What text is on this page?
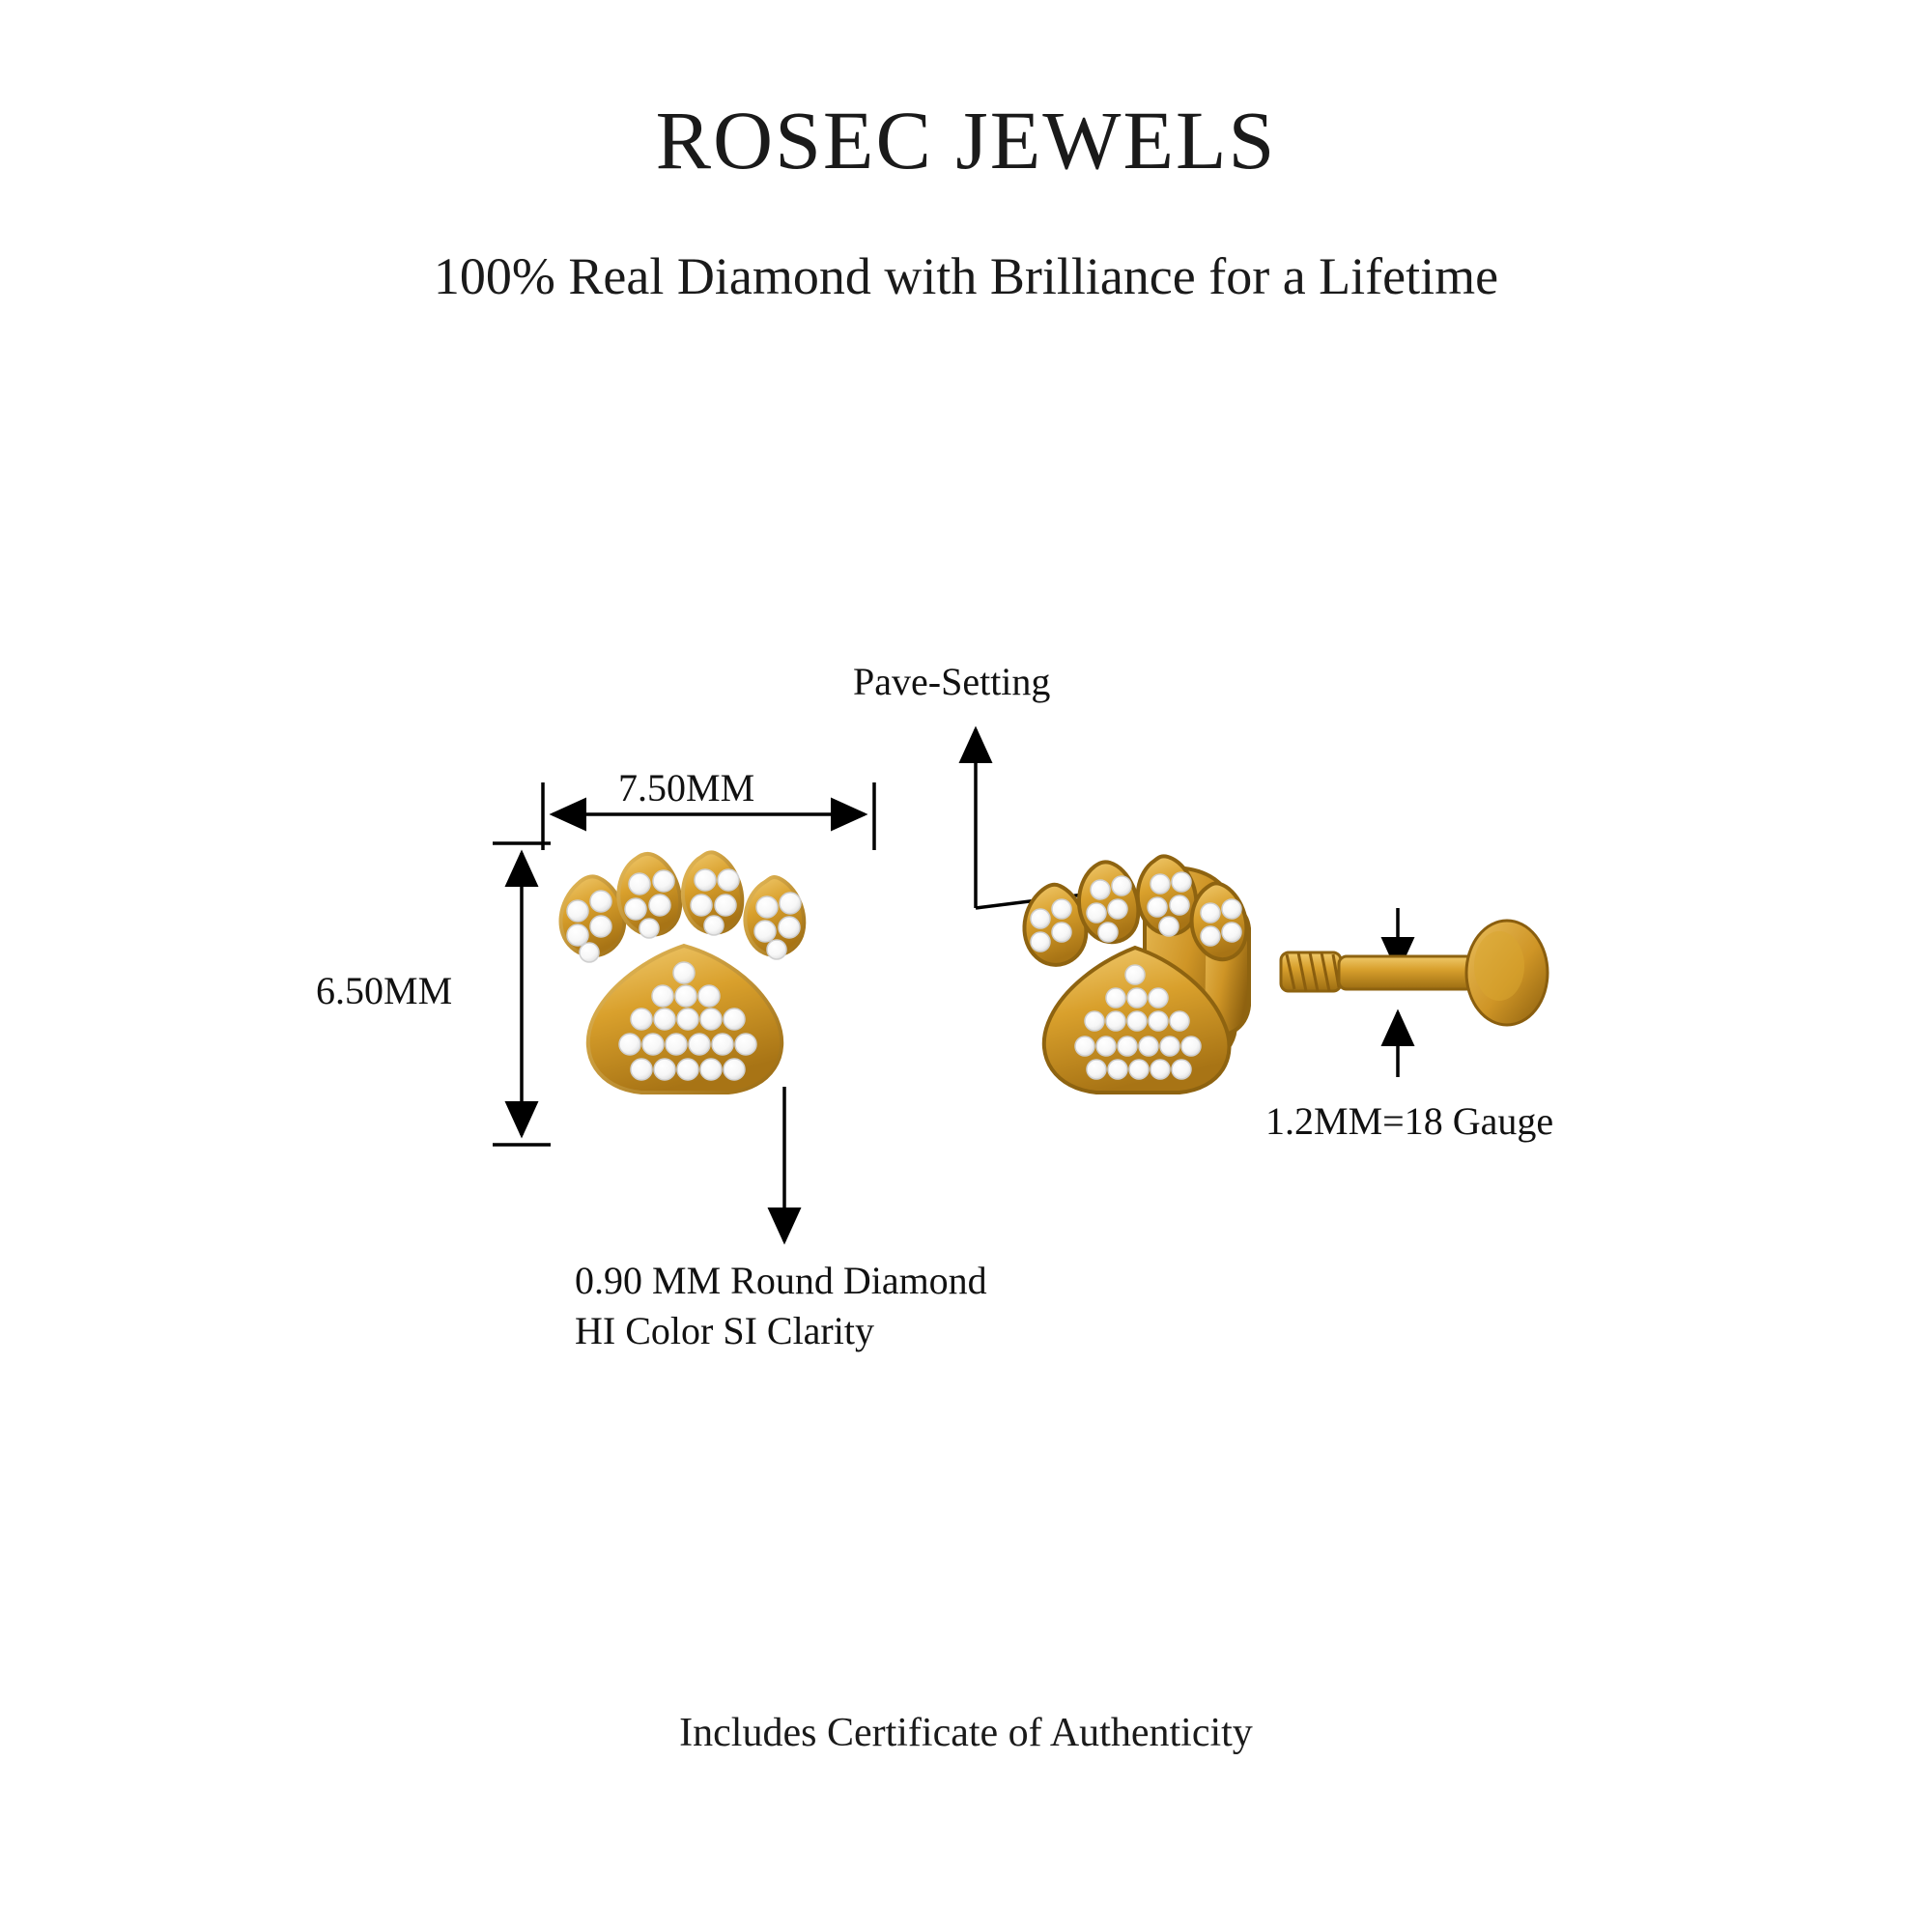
ROSEC JEWELS
100% Real Diamond with Brilliance for a Lifetime
7.50MM
6.50MM
Pave-Setting
1.2MM=18 Gauge
0.90 MM Round Diamond
HI Color SI Clarity
Includes Certificate of Authenticity
